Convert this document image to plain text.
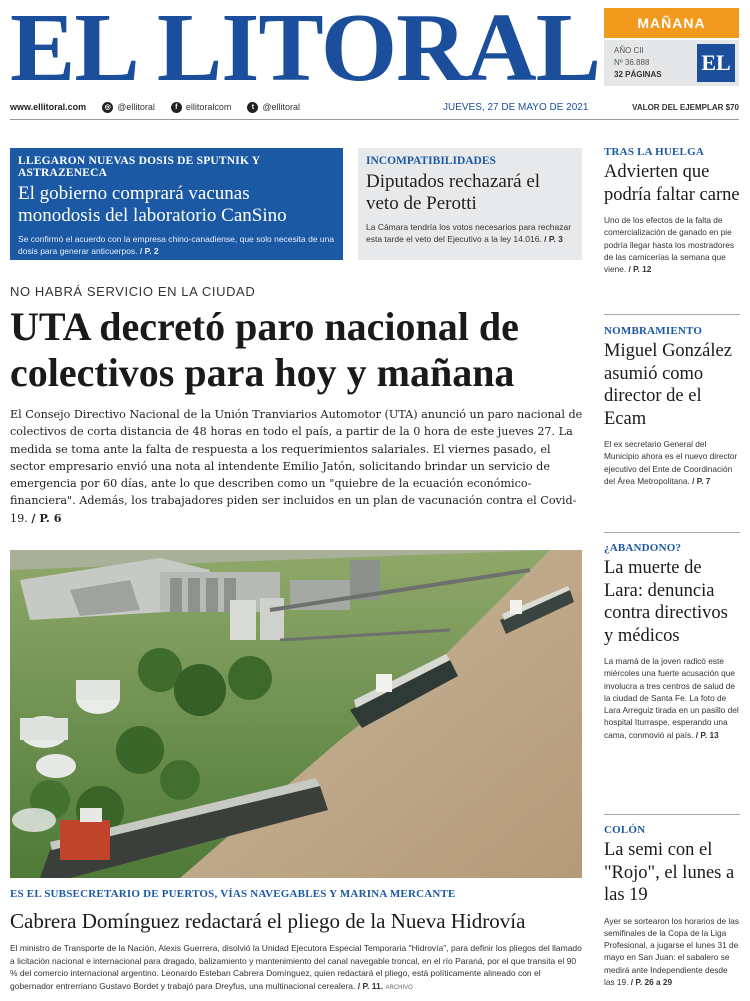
EL LITORAL	MAÑANA
AÑO CII
Nº 36.888
32 PÁGINAS EL
www.ellitoral.com	◎ @ellitoral	f ellitoralcom	t @ellitoral	JUEVES, 27 DE MAYO DE 2021	VALOR DEL EJEMPLAR $70
LLEGARON NUEVAS DOSIS DE SPUTNIK Y ASTRAZENECA
El gobierno comprará vacunas monodosis del laboratorio CanSino
Se confirmó el acuerdo con la empresa chino-canadiense, que solo necesita de una dosis para generar anticuerpos. / P. 2
INCOMPATIBILIDADES
Diputados rechazará el veto de Perotti
La Cámara tendría los votos necesarios para rechazar esta tarde el veto del Ejecutivo a la ley 14.016. / P. 3
NO HABRÁ SERVICIO EN LA CIUDAD
UTA decretó paro nacional de colectivos para hoy y mañana
El Consejo Directivo Nacional de la Unión Tranviarios Automotor (UTA) anunció un paro nacional de colectivos de corta distancia de 48 horas en todo el país, a partir de la 0 hora de este jueves 27. La medida se toma ante la falta de respuesta a los requerimientos salariales. El viernes pasado, el sector empresario envió una nota al intendente Emilio Jatón, solicitando brindar un servicio de emergencia por 60 días, ante lo que describen como un "quiebre de la ecuación económico-financiera". Además, los trabajadores piden ser incluidos en un plan de vacunación contra el Covid-19. / P. 6
ES EL SUBSECRETARIO DE PUERTOS, VÍAS NAVEGABLES Y MARINA MERCANTE
Cabrera Domínguez redactará el pliego de la Nueva Hidrovía
El ministro de Transporte de la Nación, Alexis Guerrera, disolvió la Unidad Ejecutora Especial Temporaria "Hidrovía", para definir los pliegos del llamado a licitación nacional e internacional para dragado, balizamiento y mantenimiento del canal navegable troncal, en el río Paraná, por el que transita el 90 % del comercio internacional argentino. Leonardo Esteban Cabrera Domínguez, quien redactará el pliego, está políticamente alineado con el gobernador entrerriano Gustavo Bordet y trabajó para Dreyfus, una multinacional cerealera. / P. 11. ARCHIVO
TRAS LA HUELGA
Advierten que podría faltar carne
Uno de los efectos de la falta de comercialización de ganado en pie podría llegar hasta los mostradores de las carnicerías la semana que viene. / P. 12
NOMBRAMIENTO
Miguel González asumió como director de el Ecam
El ex secretario General del Municipio ahora es el nuevo director ejecutivo del Ente de Coordinación del Área Metropolitana. / P. 7
¿ABANDONO?
La muerte de Lara: denuncia contra directivos y médicos
La mamá de la joven radicó este miércoles una fuerte acusación que involucra a tres centros de salud de la ciudad de Santa Fe. La foto de Lara Arreguiz tirada en un pasillo del hospital Iturraspe, esperando una cama, conmovió al país. / P. 13
COLÓN
La semi con el "Rojo", el lunes a las 19
Ayer se sortearon los horarios de las semifinales de la Copa de la Liga Profesional, a jugarse el lunes 31 de mayo en San Juan: el sabalero se medirá ante Independiente desde las 19. / P. 26 a 29
